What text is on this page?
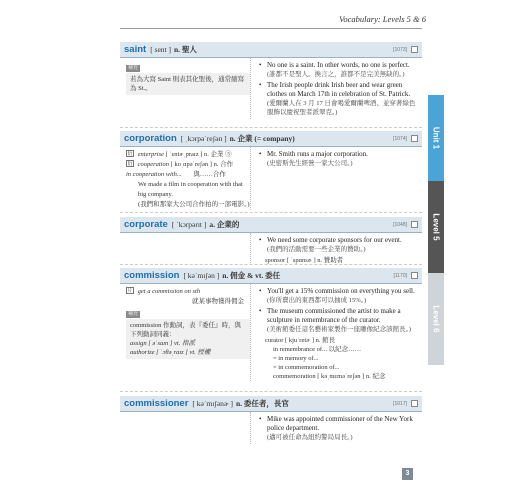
Vocabulary: Levels 5 & 6
saint [ sent ] n. 聖人	[1073]
補充
若為大寫 Saint 則表其化聖後，通常縮寫為 St.。
• No one is a saint. In other words, no one is perfect.
(誰都不是聖人。換言之，誰都不是完美無缺的。)
• The Irish people drink Irish beer and wear green clothes on March 17th in celebration of St. Patrick.
(愛爾蘭人在 3 月 17 日會喝愛爾蘭啤酒、並穿著綠色服飾以慶祝聖者派翠克。)
corporation [ ˌkɔrpəˈreʃən ] n. 企業 (= company)	[1074]
衍 enterprise [ ˈɛntɚˌpraɪz ] n. 企業 ⑤
衍 cooperation [ koˌɑpəˈreʃən ] n. 合作
in cooperation with... 與……合作
We made a film in cooperation with that big company.
(我們和那家大公司合作拍的一部電影。)
• Mr. Smith runs a major corporation.
(史密斯先生經營一家大公司。)
corporate [ ˈkɔrpərɪt ] a. 企業的	[1048]
• We need some corporate sponsors for our event.
(我們的活動需要一些企業的贊助。)
sponsor [ ˈspɑnsɚ ] n. 贊助者
commission [ kəˈmɪʃən ] n. 佣金 & vt. 委任	[1170]
片 get a commission on sth
就某事物獲得佣金
補充
commission 作動詞，表『委任』時，與下列動詞同義：
assign [ əˈsaɪn ] vt. 指派
authorize [ ˈɔθəˌraɪz ] vt. 授權
• You'll get a 15% commission on everything you sell.
(你所賣出的東西都可以抽成 15%。)
• The museum commissioned the artist to make a sculpture in remembrance of the curator.
(美術館委任這名藝術家製作一座雕像紀念該館長。)
curator [ kjuˈretɚ ] n. 館長
in remembrance of... 以紀念……
= in memory of...
= in commemoration of...
commemoration [ kəˌmɛməˈreʃən ] n. 紀念
commissioner [ kəˈmɪʃənɚ ] n. 委任者，長官	[1017]
• Mike was appointed commissioner of the New York police department.
(邁可被任命為紐約警局局長。)
Unit 1
Level 5
Level 6
3
